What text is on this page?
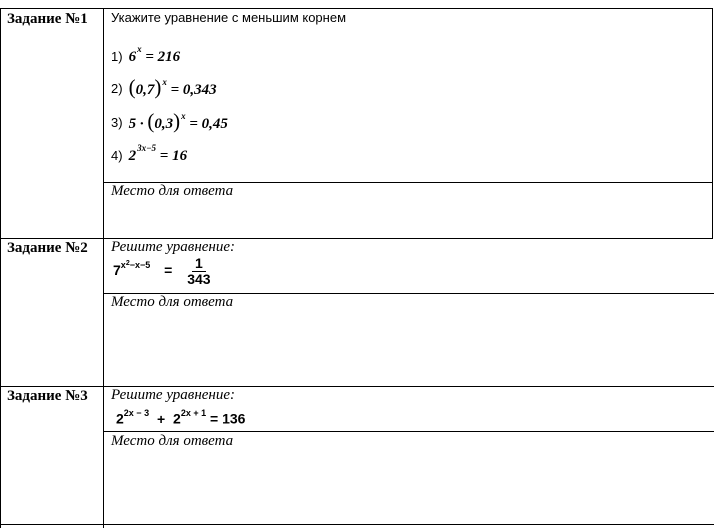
Задание №1 Укажите уравнение с меньшим корнем
1) $6^x = 216$
2) $(0,7)^x = 0,343$
3) $5 \cdot (0,3)^x = 0,45$
4) $2^{3x-5} = 16$
Место для ответа
Задание №2 Решите уравнение:
$7^{x^2-x-5} = \frac{1}{343}$
Место для ответа
Задание №3 Решите уравнение:
$2^{2x - 3} + 2^{2x + 1} = 136$
Место для ответа
